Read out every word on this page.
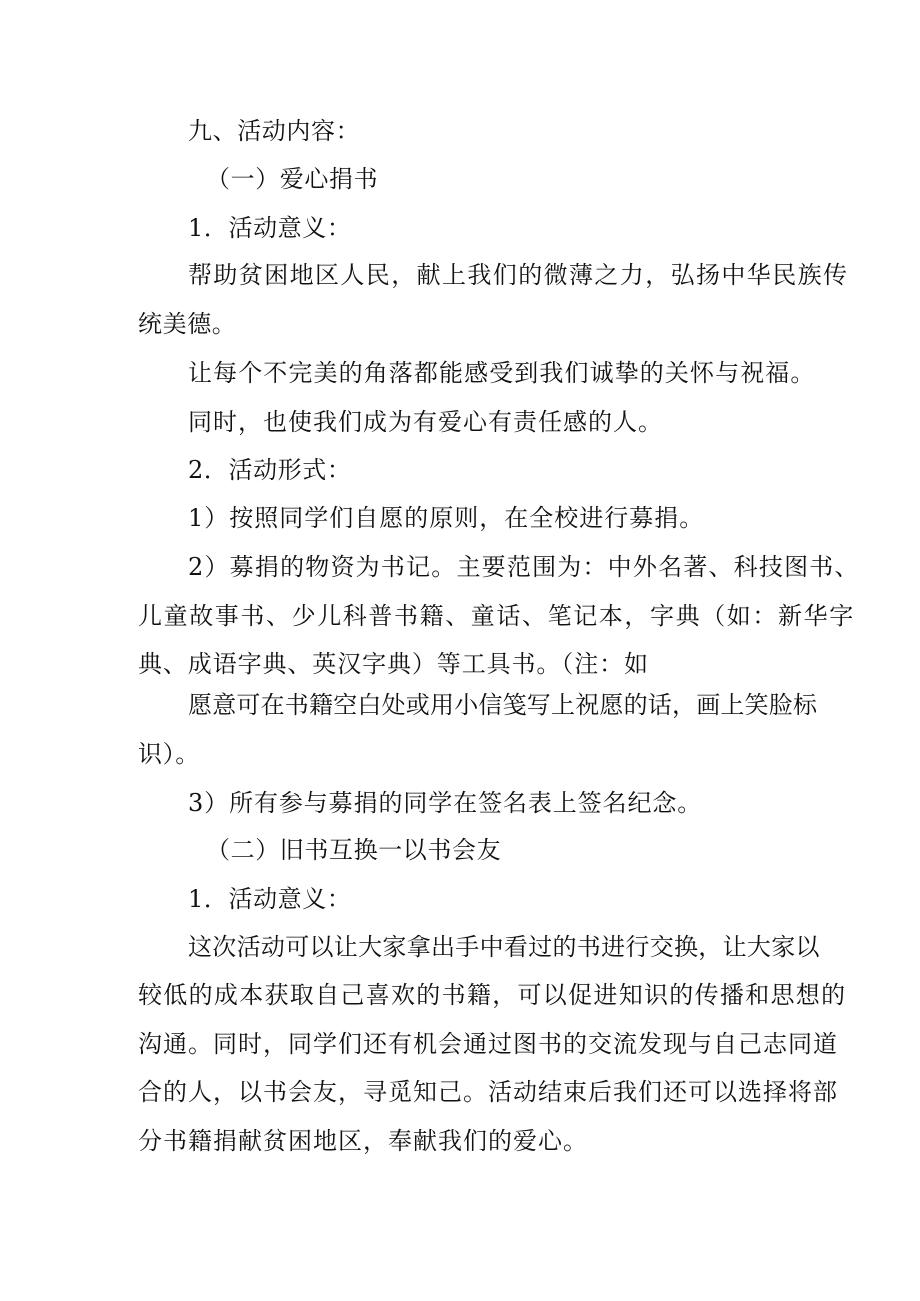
九、活动内容：
（一）爱心捐书
1．活动意义：
帮助贫困地区人民，献上我们的微薄之力，弘扬中华民族传
统美德。
让每个不完美的角落都能感受到我们诚挚的关怀与祝福。
同时，也使我们成为有爱心有责任感的人。
2．活动形式：
1）按照同学们自愿的原则，在全校进行募捐。
2）募捐的物资为书记。主要范围为：中外名著、科技图书、
儿童故事书、少儿科普书籍、童话、笔记本，字典（如：新华字
典、成语字典、英汉字典）等工具书。（注：如
愿意可在书籍空白处或用小信笺写上祝愿的话，画上笑脸标
识）。
3）所有参与募捐的同学在签名表上签名纪念。
（二）旧书互换一以书会友
1．活动意义：
这次活动可以让大家拿出手中看过的书进行交换，让大家以
较低的成本获取自己喜欢的书籍，可以促进知识的传播和思想的
沟通。同时，同学们还有机会通过图书的交流发现与自己志同道
合的人，以书会友，寻觅知己。活动结束后我们还可以选择将部
分书籍捐献贫困地区，奉献我们的爱心。
